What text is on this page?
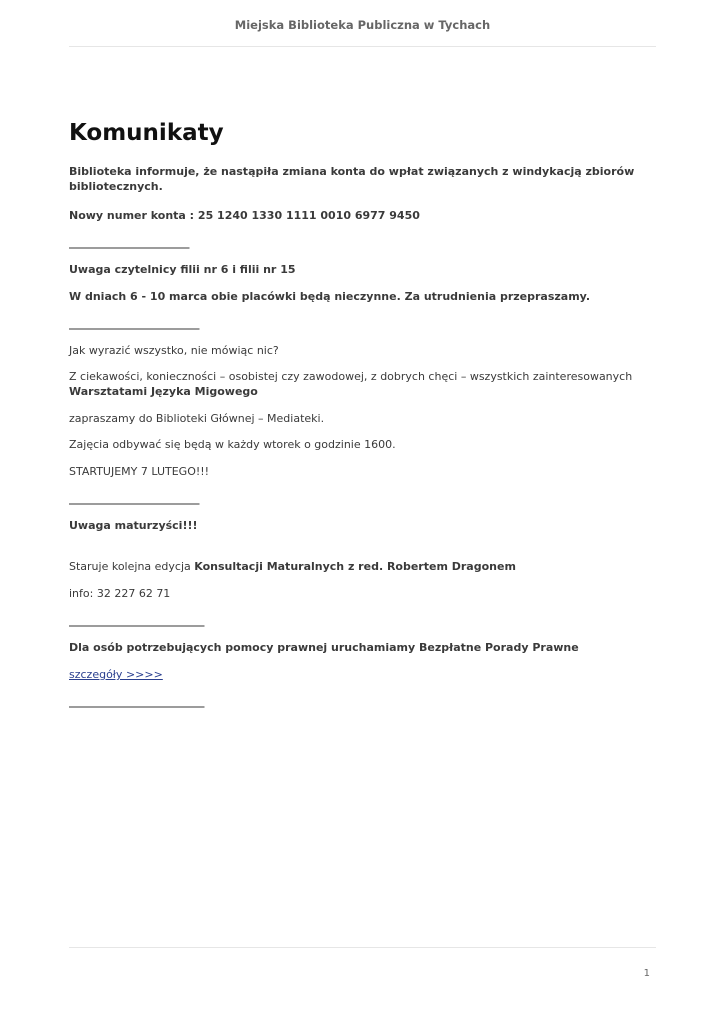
Miejska Biblioteka Publiczna w Tychach
Komunikaty
Biblioteka informuje, że nastąpiła zmiana konta do wpłat związanych z windykacją zbiorów bibliotecznych.
Nowy numer konta : 25 1240 1330 1111 0010 6977 9450
________________________
Uwaga czytelnicy filii nr 6 i filii nr 15
W dniach 6 - 10 marca obie placówki będą nieczynne. Za utrudnienia przepraszamy.
__________________________
Jak wyrazić wszystko, nie mówiąc nic?
Z ciekawości, konieczności – osobistej czy zawodowej, z dobrych chęci – wszystkich zainteresowanych Warsztatami Języka Migowego
zapraszamy do Biblioteki Głównej – Mediateki.
Zajęcia odbywać się będą w każdy wtorek o godzinie 1600.
STARTUJEMY 7 LUTEGO!!!
__________________________
Uwaga maturzyści!!!
Staruje kolejna edycja Konsultacji Maturalnych z red. Robertem Dragonem
info: 32 227 62 71
___________________________
Dla osób potrzebujących pomocy prawnej uruchamiamy Bezpłatne Porady Prawne
szczegóły >>>>
___________________________
1
